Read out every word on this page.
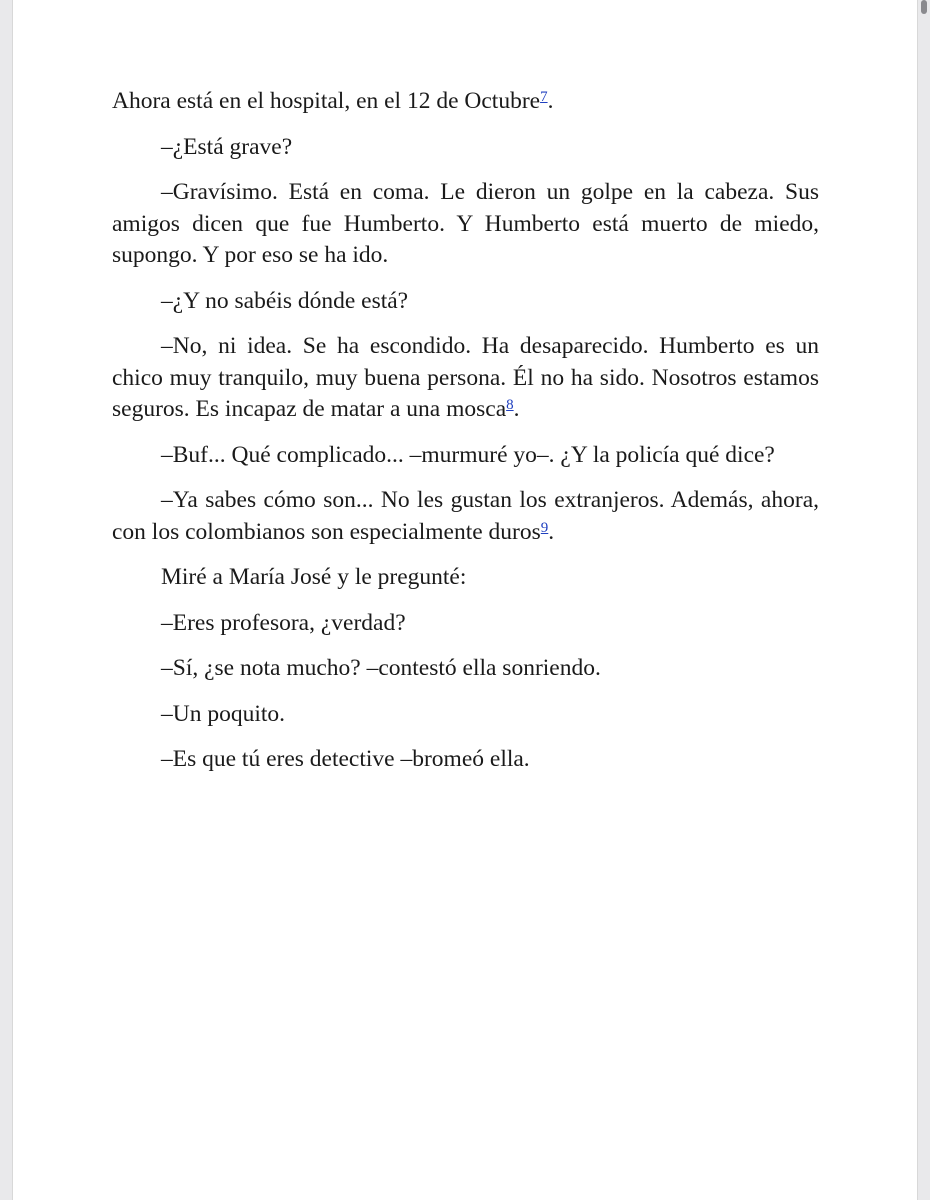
Ahora está en el hospital, en el 12 de Octubre$^7$.

–¿Está grave?

–Gravísimo. Está en coma. Le dieron un golpe en la cabeza. Sus amigos dicen que fue Humberto. Y Humberto está muerto de miedo, supongo. Y por eso se ha ido.

–¿Y no sabéis dónde está?

–No, ni idea. Se ha escondido. Ha desaparecido. Humberto es un chico muy tranquilo, muy buena persona. Él no ha sido. Nosotros estamos seguros. Es incapaz de matar a una mosca$^8$.

–Buf... Qué complicado... –murmuré yo–. ¿Y la policía qué dice?

–Ya sabes cómo son... No les gustan los extranjeros. Además, ahora, con los colombianos son especialmente duros$^9$.

Miré a María José y le pregunté:

–Eres profesora, ¿verdad?

–Sí, ¿se nota mucho? –contestó ella sonriendo.

–Un poquito.

–Es que tú eres detective –bromeó ella.
